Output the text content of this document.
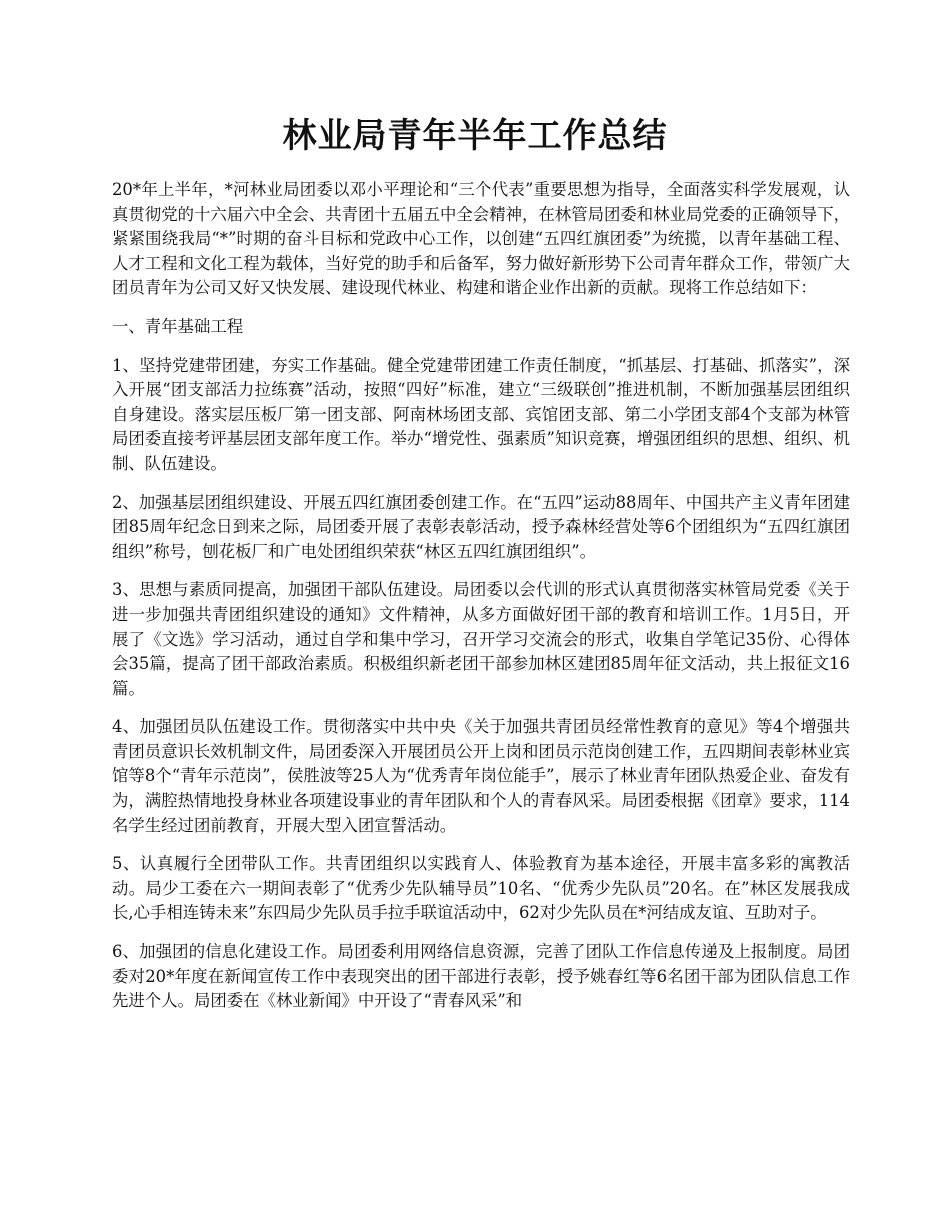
林业局青年半年工作总结

20*年上半年，*河林业局团委以邓小平理论和“三个代表”重要思想为指导，全面落实科学发展观，认真贯彻党的十六届六中全会、共青团十五届五中全会精神，在林管局团委和林业局党委的正确领导下，紧紧围绕我局“*”时期的奋斗目标和党政中心工作，以创建“五四红旗团委”为统揽，以青年基础工程、人才工程和文化工程为载体，当好党的助手和后备军，努力做好新形势下公司青年群众工作，带领广大团员青年为公司又好又快发展、建设现代林业、构建和谐企业作出新的贡献。现将工作总结如下：

一、青年基础工程

1、坚持党建带团建，夯实工作基础。健全党建带团建工作责任制度，“抓基层、打基础、抓落实”，深入开展“团支部活力拉练赛”活动，按照“四好”标准，建立“三级联创”推进机制，不断加强基层团组织自身建设。落实层压板厂第一团支部、阿南林场团支部、宾馆团支部、第二小学团支部4个支部为林管局团委直接考评基层团支部年度工作。举办“增党性、强素质”知识竞赛，增强团组织的思想、组织、机制、队伍建设。

2、加强基层团组织建设、开展五四红旗团委创建工作。在“五四”运动88周年、中国共产主义青年团建团85周年纪念日到来之际，局团委开展了表彰表彰活动，授予森林经营处等6个团组织为“五四红旗团组织”称号，刨花板厂和广电处团组织荣获“林区五四红旗团组织”。

3、思想与素质同提高，加强团干部队伍建设。局团委以会代训的形式认真贯彻落实林管局党委《关于进一步加强共青团组织建设的通知》文件精神，从多方面做好团干部的教育和培训工作。1月5日，开展了《文选》学习活动，通过自学和集中学习，召开学习交流会的形式，收集自学笔记35份、心得体会35篇，提高了团干部政治素质。积极组织新老团干部参加林区建团85周年征文活动，共上报征文16篇。

4、加强团员队伍建设工作。贯彻落实中共中央《关于加强共青团员经常性教育的意见》等4个增强共青团员意识长效机制文件，局团委深入开展团员公开上岗和团员示范岗创建工作，五四期间表彰林业宾馆等8个“青年示范岗”，侯胜波等25人为“优秀青年岗位能手”，展示了林业青年团队热爱企业、奋发有为，满腔热情地投身林业各项建设事业的青年团队和个人的青春风采。局团委根据《团章》要求，114名学生经过团前教育，开展大型入团宣誓活动。

5、认真履行全团带队工作。共青团组织以实践育人、体验教育为基本途径，开展丰富多彩的寓教活动。局少工委在六一期间表彰了“优秀少先队辅导员”10名、“优秀少先队员”20名。在”林区发展我成长,心手相连铸未来”东四局少先队员手拉手联谊活动中，62对少先队员在*河结成友谊、互助对子。

6、加强团的信息化建设工作。局团委利用网络信息资源，完善了团队工作信息传递及上报制度。局团委对20*年度在新闻宣传工作中表现突出的团干部进行表彰，授予姚春红等6名团干部为团队信息工作先进个人。局团委在《林业新闻》中开设了“青春风采”和
